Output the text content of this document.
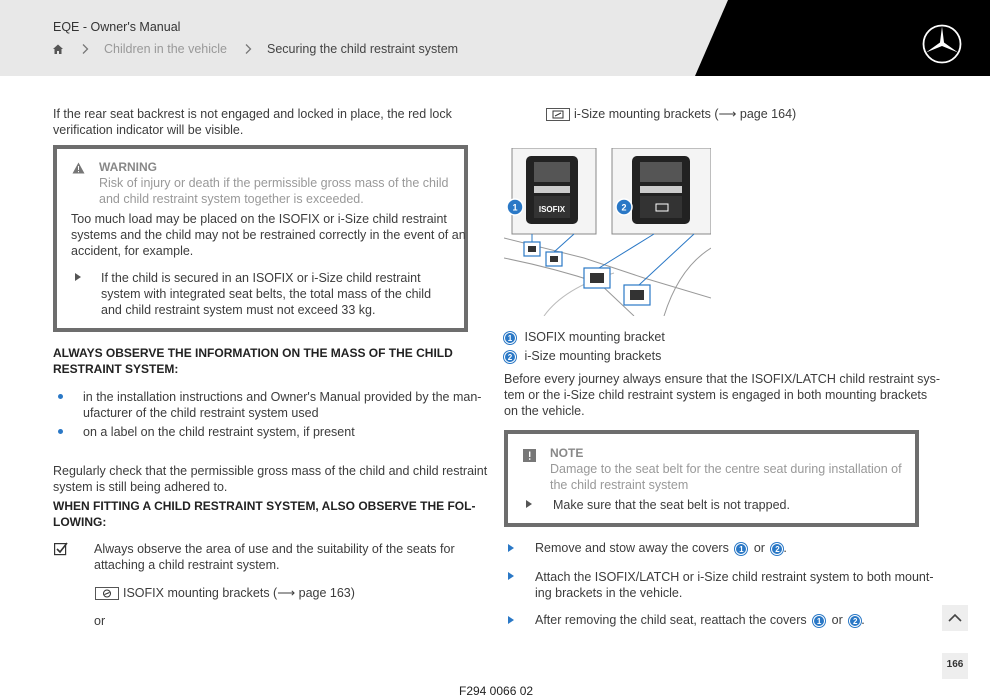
EQE - Owner's Manual
Children in the vehicle	Securing the child restraint system
If the rear seat backrest is not engaged and locked in place, the red lock
verification indicator will be visible.
WARNING
Risk of injury or death if the permissible gross mass of the child
and child restraint system together is exceeded.
Too much load may be placed on the ISOFIX or i-Size child restraint
systems and the child may not be restrained correctly in the event of an
accident, for example.
If the child is secured in an ISOFIX or i-Size child restraint
system with integrated seat belts, the total mass of the child
and child restraint system must not exceed 33 kg.
ALWAYS OBSERVE THE INFORMATION ON THE MASS OF THE CHILD
RESTRAINT SYSTEM:
in the installation instructions and Owner's Manual provided by the man-
ufacturer of the child restraint system used
on a label on the child restraint system, if present
Regularly check that the permissible gross mass of the child and child restraint
system is still being adhered to.
WHEN FITTING A CHILD RESTRAINT SYSTEM, ALSO OBSERVE THE FOL-
LOWING:
Always observe the area of use and the suitability of the seats for
attaching a child restraint system.
ISOFIX mounting brackets (⟶ page 163)
or
i-Size mounting brackets (⟶ page 164)
ISOFIX
1	2
1 ISOFIX mounting bracket
2 i-Size mounting brackets
Before every journey always ensure that the ISOFIX/LATCH child restraint sys-
tem or the i-Size child restraint system is engaged in both mounting brackets
on the vehicle.
NOTE
Damage to the seat belt for the centre seat during installation of
the child restraint system
Make sure that the seat belt is not trapped.
Remove and stow away the covers 1 or 2 .
Attach the ISOFIX/LATCH or i-Size child restraint system to both mount-
ing brackets in the vehicle.
After removing the child seat, reattach the covers 1 or 2 .
166
F294 0066 02
